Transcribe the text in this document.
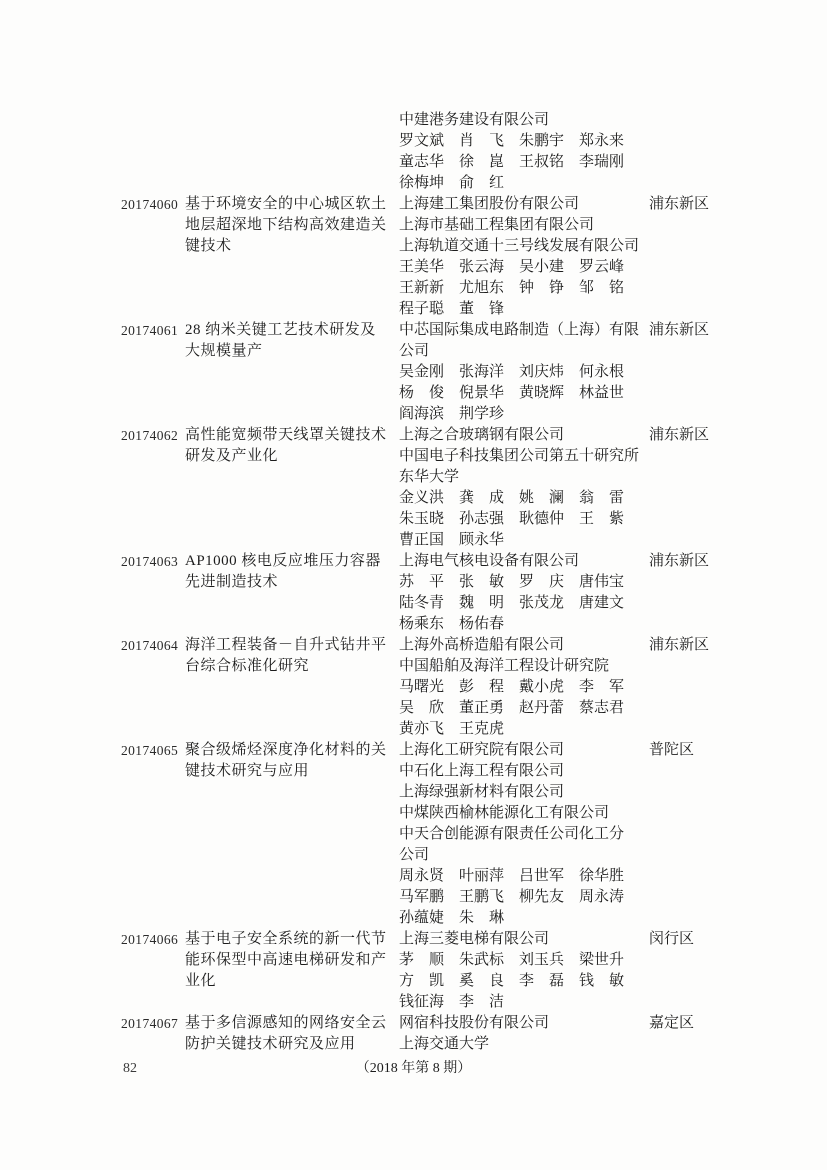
中建港务建设有限公司
罗文斌 肖 飞 朱鹏宇 郑永来
童志华 徐 崑 王叔铭 李瑞刚
徐梅坤 俞 红
20174060 基于环境安全的中心城区软土
地层超深地下结构高效建造关
键技术
上海建工集团股份有限公司
上海市基础工程集团有限公司
上海轨道交通十三号线发展有限公司
王美华 张云海 吴小建 罗云峰
王新新 尤旭东 钟 铮 邹 铭
程子聪 董 锋
浦东新区
20174061 28 纳米关键工艺技术研发及
大规模量产
中芯国际集成电路制造（上海）有限
公司
吴金刚 张海洋 刘庆炜 何永根
杨 俊 倪景华 黄晓辉 林益世
阎海滨 荆学珍
浦东新区
20174062 高性能宽频带天线罩关键技术
研发及产业化
上海之合玻璃钢有限公司
中国电子科技集团公司第五十研究所
东华大学
金义洪 龚 成 姚 澜 翁 雷
朱玉晓 孙志强 耿德仲 王 紫
曹正国 顾永华
浦东新区
20174063 AP1000 核电反应堆压力容器
先进制造技术
上海电气核电设备有限公司
苏 平 张 敏 罗 庆 唐伟宝
陆冬青 魏 明 张茂龙 唐建文
杨乘东 杨佑春
浦东新区
20174064 海洋工程装备－自升式钻井平
台综合标准化研究
上海外高桥造船有限公司
中国船舶及海洋工程设计研究院
马曙光 彭 程 戴小虎 李 军
吴 欣 董正勇 赵丹蕾 蔡志君
黄亦飞 王克虎
浦东新区
20174065 聚合级烯烃深度净化材料的关
键技术研究与应用
上海化工研究院有限公司
中石化上海工程有限公司
上海绿强新材料有限公司
中煤陕西榆林能源化工有限公司
中天合创能源有限责任公司化工分
公司
周永贤 叶丽萍 吕世军 徐华胜
马军鹏 王鹏飞 柳先友 周永涛
孙蕴婕 朱 琳
普陀区
20174066 基于电子安全系统的新一代节
能环保型中高速电梯研发和产
业化
上海三菱电梯有限公司
茅 顺 朱武标 刘玉兵 梁世升
方 凯 奚 良 李 磊 钱 敏
钱征海 李 洁
闵行区
20174067 基于多信源感知的网络安全云
防护关键技术研究及应用
网宿科技股份有限公司
上海交通大学
嘉定区
82	（2018 年第 8 期）
